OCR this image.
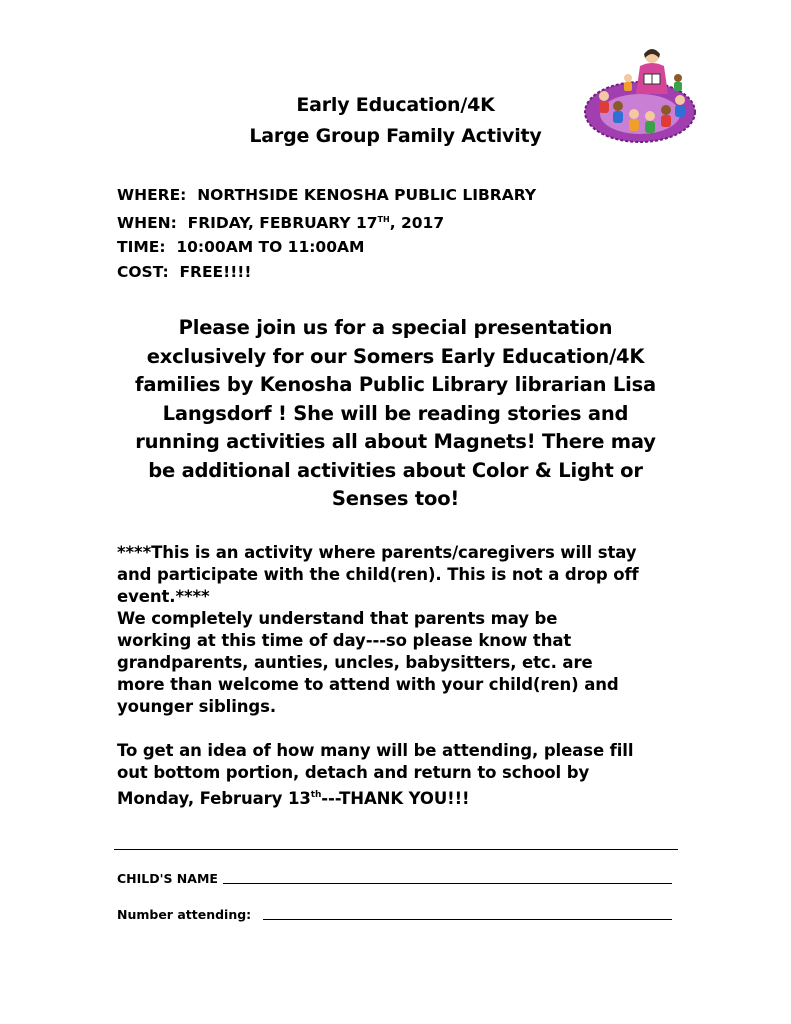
Early Education/4K
Large Group Family Activity
WHERE: NORTHSIDE KENOSHA PUBLIC LIBRARY
WHEN: FRIDAY, FEBRUARY 17TH, 2017
TIME: 10:00AM TO 11:00AM
COST: FREE!!!!
Please join us for a special presentation
exclusively for our Somers Early Education/4K
families by Kenosha Public Library librarian Lisa
Langsdorf ! She will be reading stories and
running activities all about Magnets! There may
be additional activities about Color & Light or
Senses too!

****This is an activity where parents/caregivers will stay

and participate with the child(ren). This is not a drop off

event.****

We completely understand that parents may be

working at this time of day---so please know that

grandparents, aunties, uncles, babysitters, etc. are

more than welcome to attend with your child(ren) and

younger siblings.

To get an idea of how many will be attending, please fill

out bottom portion, detach and return to school by

Monday, February 13th---THANK YOU!!!

CHILD'S NAME
Number attending:
